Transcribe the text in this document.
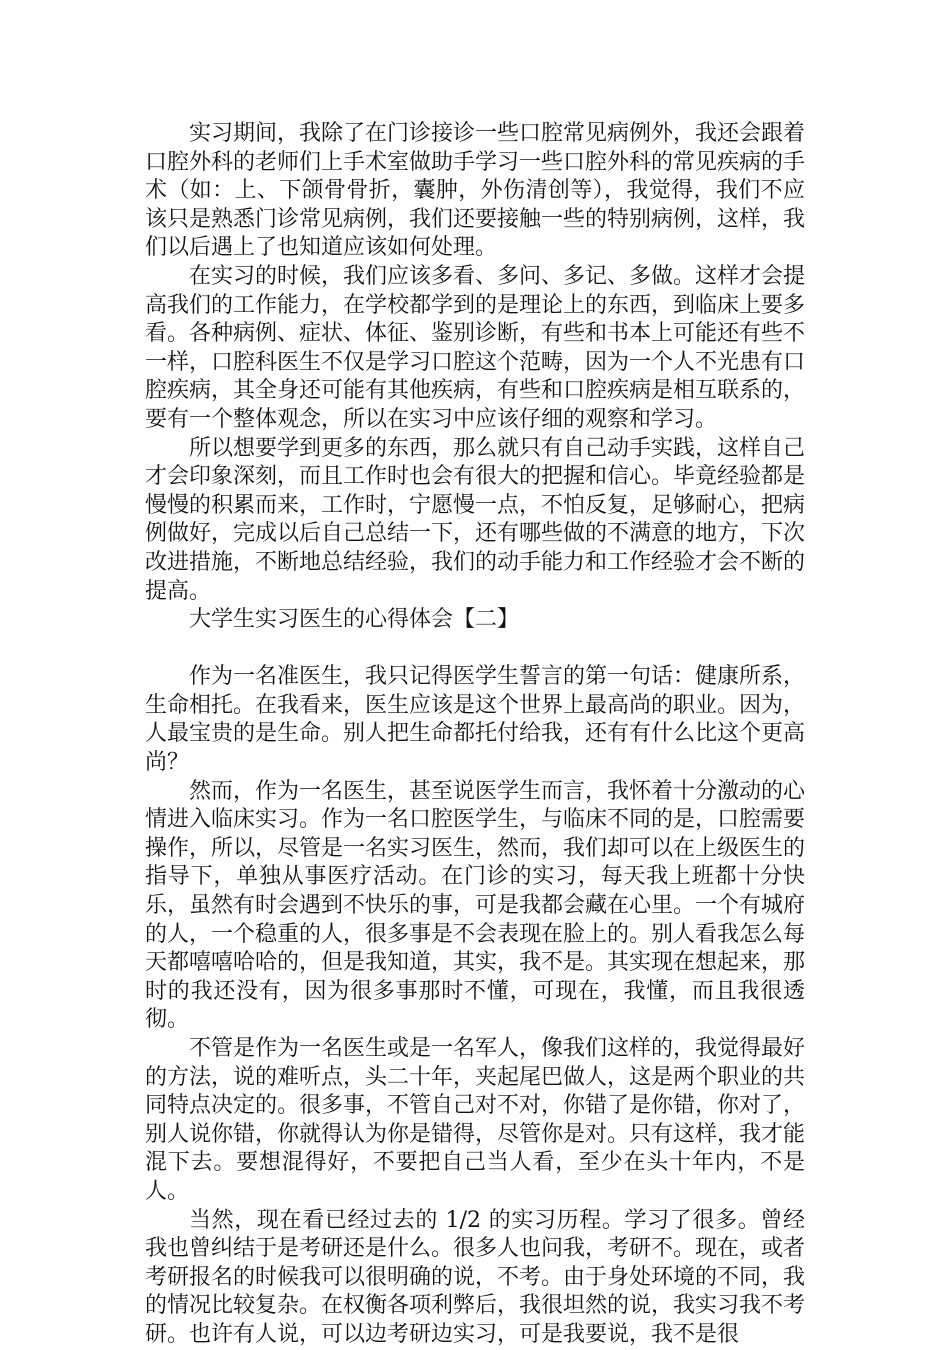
实习期间，我除了在门诊接诊一些口腔常见病例外，我还会跟着口腔外科的老师们上手术室做助手学习一些口腔外科的常见疾病的手术（如：上、下颌骨骨折，囊肿，外伤清创等），我觉得，我们不应该只是熟悉门诊常见病例，我们还要接触一些的特别病例，这样，我们以后遇上了也知道应该如何处理。

在实习的时候，我们应该多看、多问、多记、多做。这样才会提高我们的工作能力，在学校都学到的是理论上的东西，到临床上要多看。各种病例、症状、体征、鉴别诊断，有些和书本上可能还有些不一样，口腔科医生不仅是学习口腔这个范畴，因为一个人不光患有口腔疾病，其全身还可能有其他疾病，有些和口腔疾病是相互联系的，要有一个整体观念，所以在实习中应该仔细的观察和学习。

所以想要学到更多的东西，那么就只有自己动手实践，这样自己才会印象深刻，而且工作时也会有很大的把握和信心。毕竟经验都是慢慢的积累而来，工作时，宁愿慢一点，不怕反复，足够耐心，把病例做好，完成以后自己总结一下，还有哪些做的不满意的地方，下次改进措施，不断地总结经验，我们的动手能力和工作经验才会不断的提高。

大学生实习医生的心得体会【二】

作为一名准医生，我只记得医学生誓言的第一句话：健康所系，生命相托。在我看来，医生应该是这个世界上最高尚的职业。因为，人最宝贵的是生命。别人把生命都托付给我，还有有什么比这个更高尚？

然而，作为一名医生，甚至说医学生而言，我怀着十分激动的心情进入临床实习。作为一名口腔医学生，与临床不同的是，口腔需要操作，所以，尽管是一名实习医生，然而，我们却可以在上级医生的指导下，单独从事医疗活动。在门诊的实习，每天我上班都十分快乐，虽然有时会遇到不快乐的事，可是我都会藏在心里。一个有城府的人，一个稳重的人，很多事是不会表现在脸上的。别人看我怎么每天都嘻嘻哈哈的，但是我知道，其实，我不是。其实现在想起来，那时的我还没有，因为很多事那时不懂，可现在，我懂，而且我很透彻。

不管是作为一名医生或是一名军人，像我们这样的，我觉得最好的方法，说的难听点，头二十年，夹起尾巴做人，这是两个职业的共同特点决定的。很多事，不管自己对不对，你错了是你错，你对了，别人说你错，你就得认为你是错得，尽管你是对。只有这样，我才能混下去。要想混得好，不要把自己当人看，至少在头十年内，不是人。

当然，现在看已经过去的 1/2 的实习历程。学习了很多。曾经我也曾纠结于是考研还是什么。很多人也问我，考研不。现在，或者考研报名的时候我可以很明确的说，不考。由于身处环境的不同，我的情况比较复杂。在权衡各项利弊后，我很坦然的说，我实习我不考研。也许有人说，可以边考研边实习，可是我要说，我不是很
